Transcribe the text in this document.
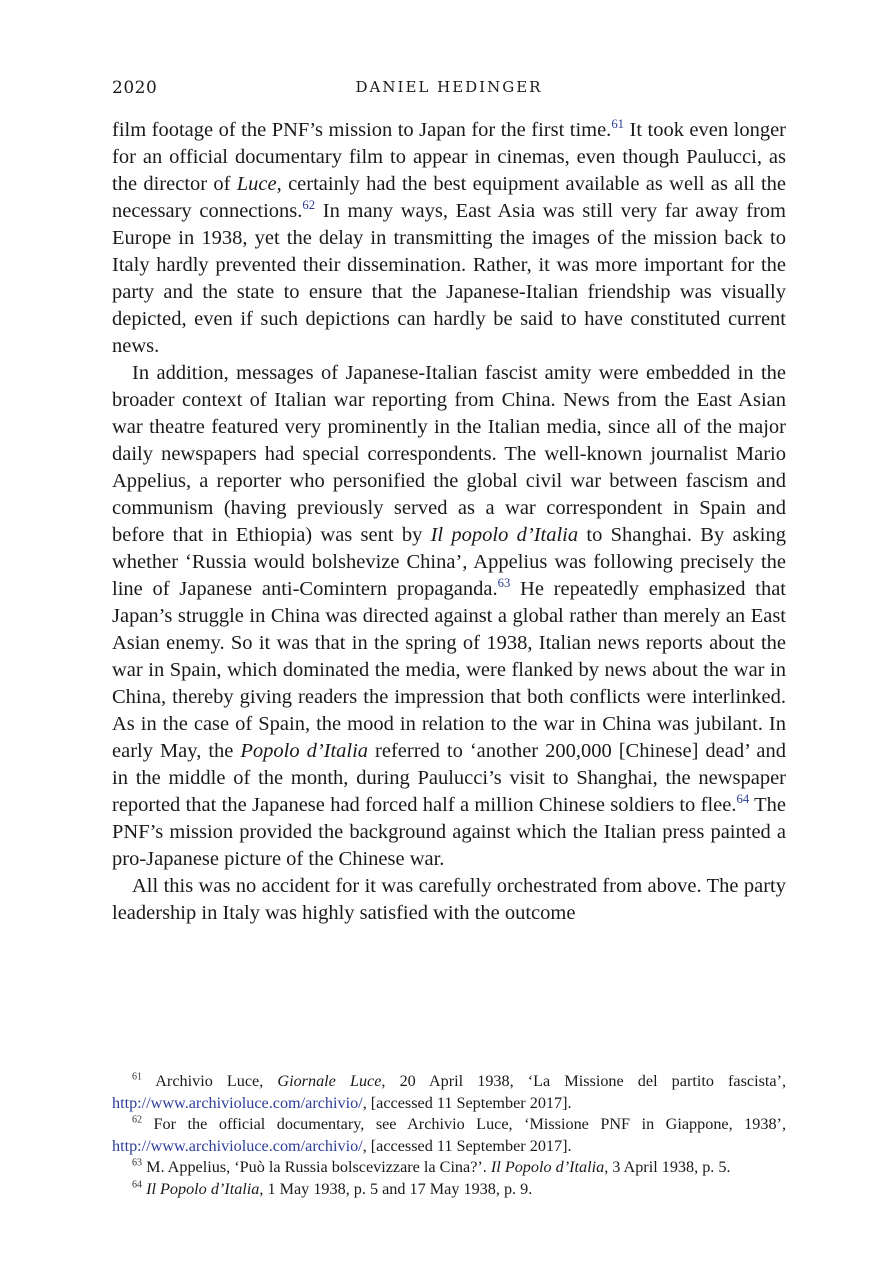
2020	DANIEL HEDINGER

film footage of the PNF’s mission to Japan for the first time.$^{61}$ It took even longer for an official documentary film to appear in cinemas, even though Paulucci, as the director of Luce, certainly had the best equipment available as well as all the necessary connections.$^{62}$ In many ways, East Asia was still very far away from Europe in 1938, yet the delay in transmitting the images of the mission back to Italy hardly prevented their dissemination. Rather, it was more important for the party and the state to ensure that the Japanese-Italian friendship was visually depicted, even if such depictions can hardly be said to have constituted current news.

In addition, messages of Japanese-Italian fascist amity were embedded in the broader context of Italian war reporting from China. News from the East Asian war theatre featured very prominently in the Italian media, since all of the major daily newspapers had special correspondents. The well-known journalist Mario Appelius, a reporter who personified the global civil war between fascism and communism (having previously served as a war correspondent in Spain and before that in Ethiopia) was sent by Il popolo d’Italia to Shanghai. By asking whether ‘Russia would bolshevize China’, Appelius was following precisely the line of Japanese anti-Comintern propaganda.$^{63}$ He repeatedly emphasized that Japan’s struggle in China was directed against a global rather than merely an East Asian enemy. So it was that in the spring of 1938, Italian news reports about the war in Spain, which dominated the media, were flanked by news about the war in China, thereby giving readers the impression that both conflicts were interlinked. As in the case of Spain, the mood in relation to the war in China was jubilant. In early May, the Popolo d’Italia referred to ‘another 200,000 [Chinese] dead’ and in the middle of the month, during Paulucci’s visit to Shanghai, the newspaper reported that the Japanese had forced half a million Chinese soldiers to flee.$^{64}$ The PNF’s mission provided the background against which the Italian press painted a pro-Japanese picture of the Chinese war.

All this was no accident for it was carefully orchestrated from above. The party leadership in Italy was highly satisfied with the outcome

$^{61}$ Archivio Luce, Giornale Luce, 20 April 1938, ‘La Missione del partito fascista’, http://www.archivioluce.com/archivio/, [accessed 11 September 2017].

$^{62}$ For the official documentary, see Archivio Luce, ‘Missione PNF in Giappone, 1938’, http://www.archivioluce.com/archivio/, [accessed 11 September 2017].

$^{63}$ M. Appelius, ‘Può la Russia bolscevizzare la Cina?’. Il Popolo d’Italia, 3 April 1938, p. 5.

$^{64}$ Il Popolo d’Italia, 1 May 1938, p. 5 and 17 May 1938, p. 9.
